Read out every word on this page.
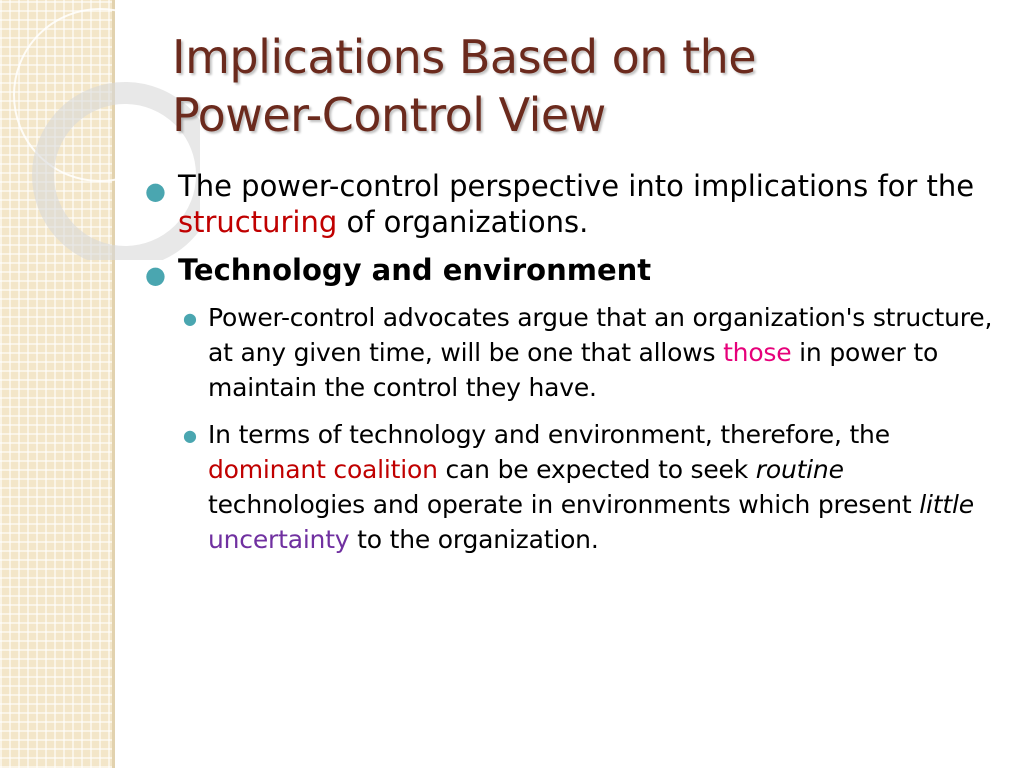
Implications Based on the
Power-Control View
● The power-control perspective into implications for the structuring of organizations.
● Technology and environment
● Power-control advocates argue that an organization's structure, at any given time, will be one that allows those in power to maintain the control they have.
● In terms of technology and environment, therefore, the dominant coalition can be expected to seek routine technologies and operate in environments which present little uncertainty to the organization.
